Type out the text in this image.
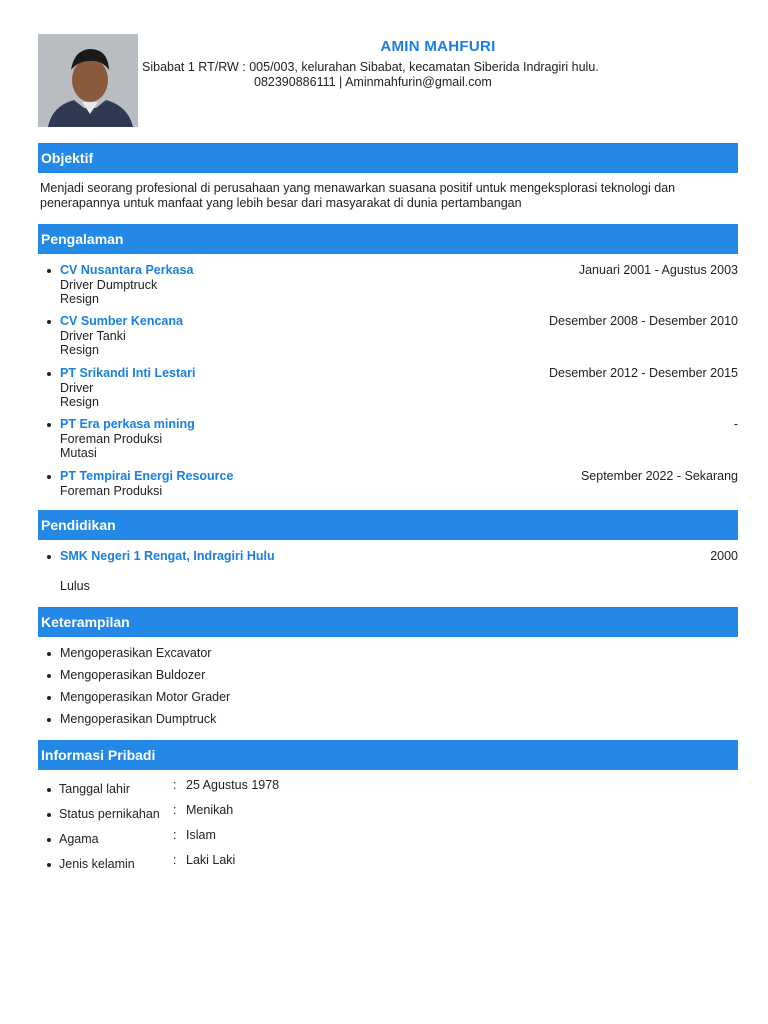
AMIN MAHFURI
Sibabat 1 RT/RW : 005/003, kelurahan Sibabat, kecamatan Siberida Indragiri hulu.
082390886111 | Aminmahfurin@gmail.com
Objektif
Menjadi seorang profesional di perusahaan yang menawarkan suasana positif untuk mengeksplorasi teknologi dan
penerapannya untuk manfaat yang lebih besar dari masyarakat di dunia pertambangan
Pengalaman
CV Nusantara Perkasa	Januari 2001 - Agustus 2003
Driver Dumptruck
Resign
CV Sumber Kencana	Desember 2008 - Desember 2010
Driver Tanki
Resign
PT Srikandi Inti Lestari	Desember 2012 - Desember 2015
Driver
Resign
PT Era perkasa mining	-
Foreman Produksi
Mutasi
PT Tempirai Energi Resource	September 2022 - Sekarang
Foreman Produksi
Pendidikan
SMK Negeri 1 Rengat, Indragiri Hulu	2000
Lulus
Keterampilan
Mengoperasikan Excavator
Mengoperasikan Buldozer
Mengoperasikan Motor Grader
Mengoperasikan Dumptruck
Informasi Pribadi
Tanggal lahir	: 25 Agustus 1978
Status pernikahan : Menikah
Agama	: Islam
Jenis kelamin	: Laki Laki
